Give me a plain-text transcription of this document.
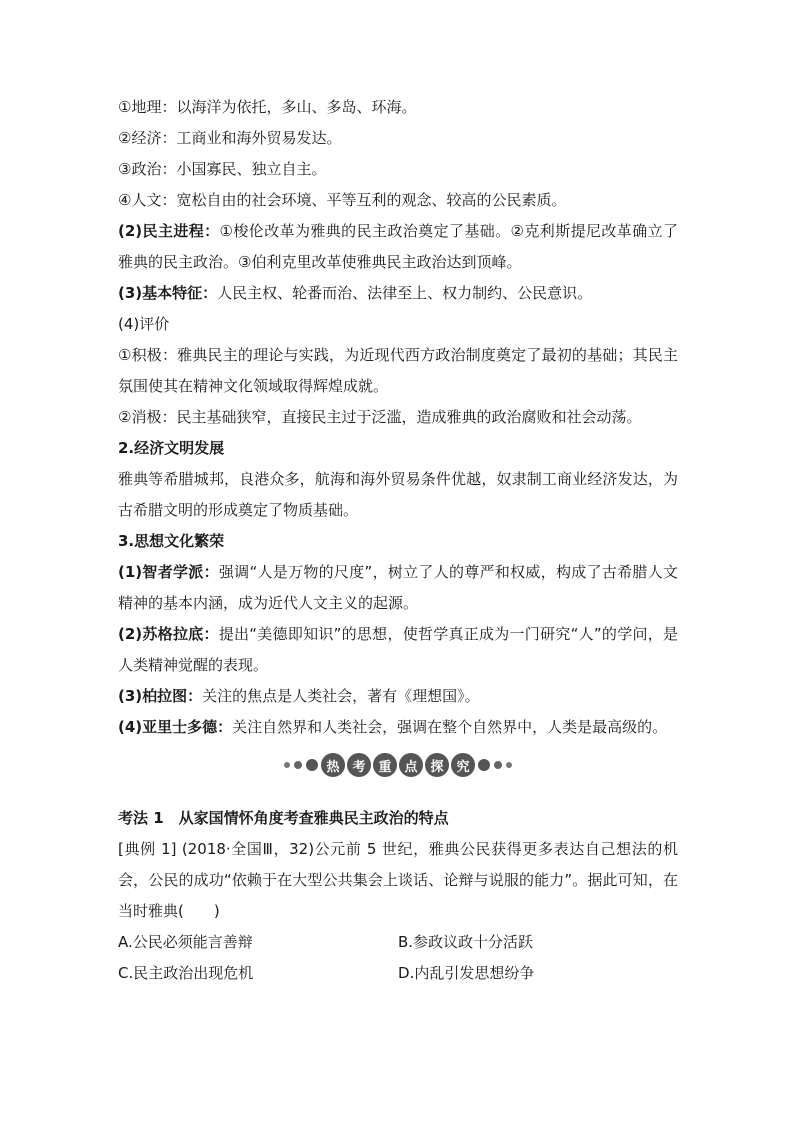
①地理：以海洋为依托，多山、多岛、环海。

②经济：工商业和海外贸易发达。

③政治：小国寡民、独立自主。

④人文：宽松自由的社会环境、平等互利的观念、较高的公民素质。

(2)民主进程：①梭伦改革为雅典的民主政治奠定了基础。②克利斯提尼改革确立了雅典的民主政治。③伯利克里改革使雅典民主政治达到顶峰。

(3)基本特征：人民主权、轮番而治、法律至上、权力制约、公民意识。

(4)评价

①积极：雅典民主的理论与实践，为近现代西方政治制度奠定了最初的基础；其民主氛围使其在精神文化领域取得辉煌成就。

②消极：民主基础狭窄，直接民主过于泛滥，造成雅典的政治腐败和社会动荡。

2.经济文明发展

雅典等希腊城邦，良港众多，航海和海外贸易条件优越，奴隶制工商业经济发达，为古希腊文明的形成奠定了物质基础。

3.思想文化繁荣

(1)智者学派：强调“人是万物的尺度”，树立了人的尊严和权威，构成了古希腊人文精神的基本内涵，成为近代人文主义的起源。

(2)苏格拉底：提出“美德即知识”的思想，使哲学真正成为一门研究“人”的学问，是人类精神觉醒的表现。

(3)柏拉图：关注的焦点是人类社会，著有《理想国》。

(4)亚里士多德：关注自然界和人类社会，强调在整个自然界中，人类是最高级的。

热 考 重 点 探 究

考法 1　从家国情怀角度考查雅典民主政治的特点

[典例 1] (2018·全国Ⅲ，32)公元前 5 世纪，雅典公民获得更多表达自己想法的机会，公民的成功“依赖于在大型公共集会上谈话、论辩与说服的能力”。据此可知，在当时雅典(　　)

A.公民必须能言善辩	B.参政议政十分活跃
C.民主政治出现危机	D.内乱引发思想纷争
